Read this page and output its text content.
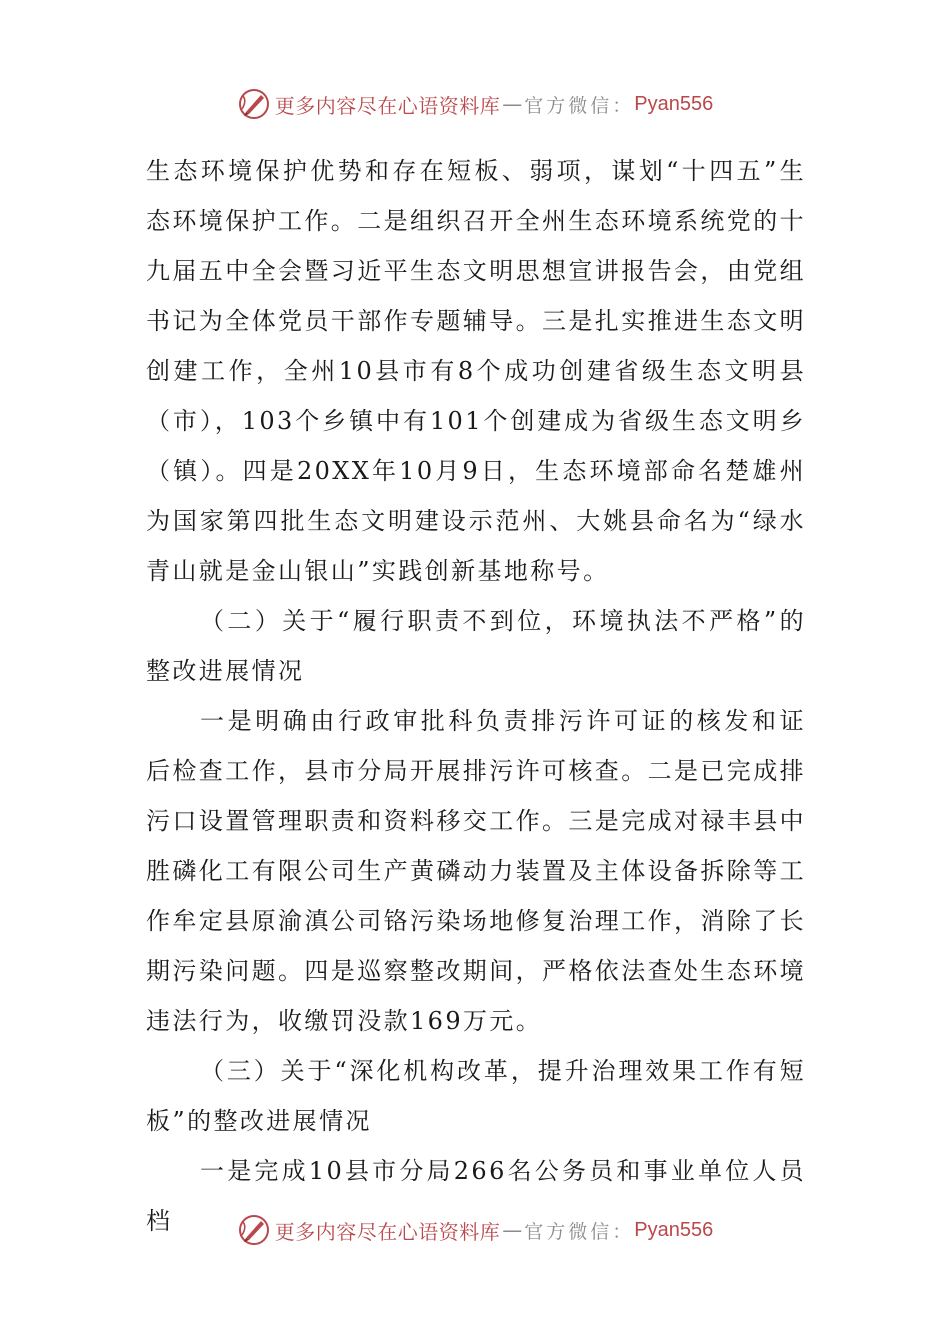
更多内容尽在心语资料库 — 官方微信： Pyan556

生态环境保护优势和存在短板、弱项，谋划“十四五”生态环境保护工作。二是组织召开全州生态环境系统党的十九届五中全会暨习近平生态文明思想宣讲报告会，由党组书记为全体党员干部作专题辅导。三是扎实推进生态文明创建工作，全州10县市有8个成功创建省级生态文明县（市），103个乡镇中有101个创建成为省级生态文明乡（镇）。四是20XX年10月9日，生态环境部命名楚雄州为国家第四批生态文明建设示范州、大姚县命名为“绿水青山就是金山银山”实践创新基地称号。

（二）关于“履行职责不到位，环境执法不严格”的整改进展情况

一是明确由行政审批科负责排污许可证的核发和证后检查工作，县市分局开展排污许可核查。二是已完成排污口设置管理职责和资料移交工作。三是完成对禄丰县中胜磷化工有限公司生产黄磷动力装置及主体设备拆除等工作牟定县原渝滇公司铬污染场地修复治理工作，消除了长期污染问题。四是巡察整改期间，严格依法查处生态环境违法行为，收缴罚没款169万元。

（三）关于“深化机构改革，提升治理效果工作有短板”的整改进展情况

一是完成10县市分局266名公务员和事业单位人员档	更多内容尽在心语资料库 — 官方微信： Pyan556
